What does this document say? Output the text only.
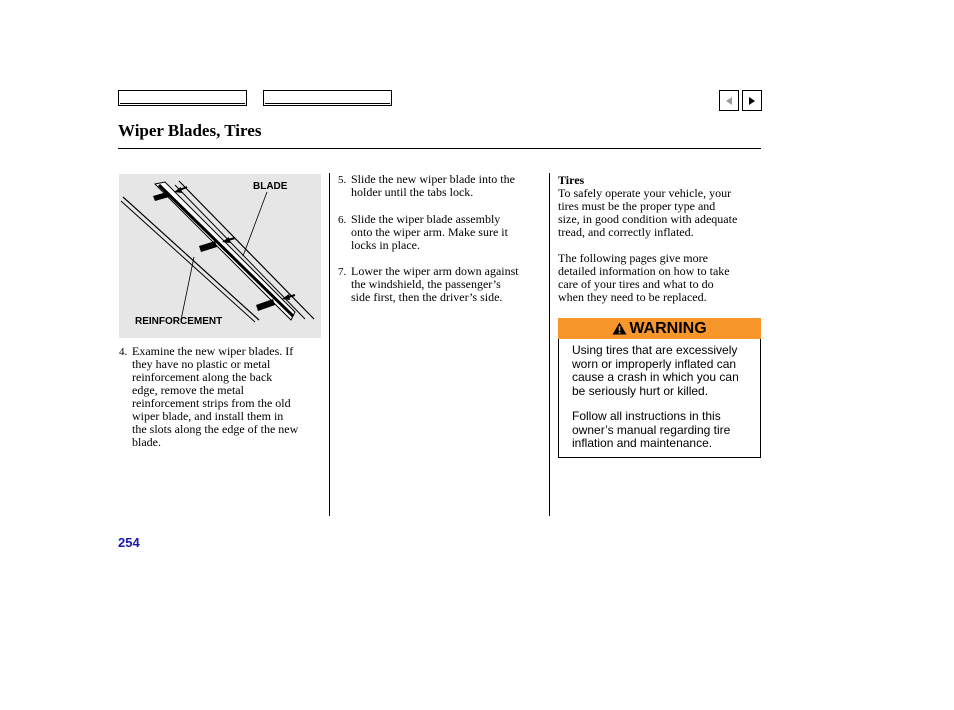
Wiper Blades, Tires
BLADE
REINFORCEMENT
4. Examine the new wiper blades. If
they have no plastic or metal
reinforcement along the back
edge, remove the metal
reinforcement strips from the old
wiper blade, and install them in
the slots along the edge of the new
blade.
5. Slide the new wiper blade into the
holder until the tabs lock.
6. Slide the wiper blade assembly
onto the wiper arm. Make sure it
locks in place.
7. Lower the wiper arm down against
the windshield, the passenger’s
side first, then the driver’s side.
Tires
To safely operate your vehicle, your
tires must be the proper type and
size, in good condition with adequate
tread, and correctly inflated.
The following pages give more
detailed information on how to take
care of your tires and what to do
when they need to be replaced.
WARNING
Using tires that are excessively
worn or improperly inflated can
cause a crash in which you can
be seriously hurt or killed.
Follow all instructions in this
owner’s manual regarding tire
inflation and maintenance.
254
